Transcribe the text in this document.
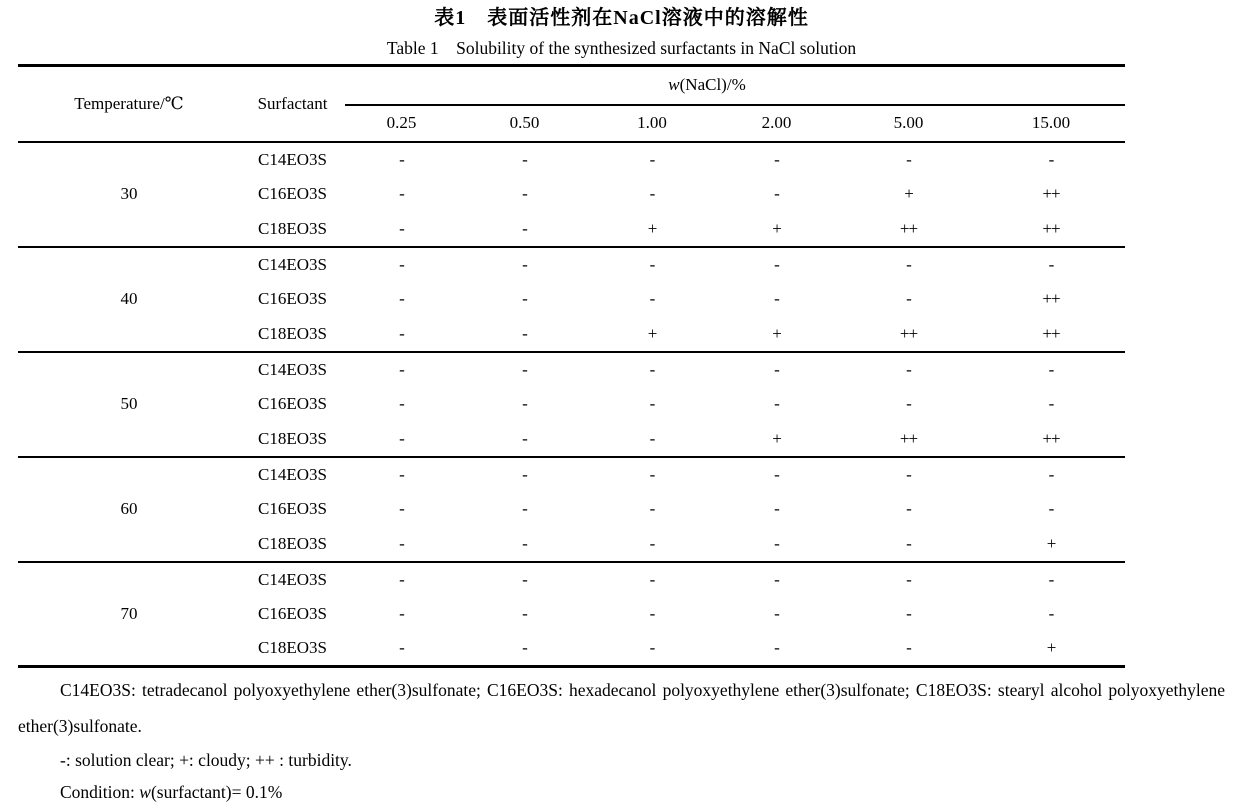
表1　表面活性剂在NaCl溶液中的溶解性
Table 1    Solubility of the synthesized surfactants in NaCl solution
Temperature/℃	Surfactant	w(NaCl)/%					
		0.25	0.50	1.00	2.00	5.00	15.00
30	C14EO3S	-	-	-	-	-	-
	C16EO3S	-	-	-	-	+	++
	C18EO3S	-	-	+	+	++	++
40	C14EO3S	-	-	-	-	-	-
	C16EO3S	-	-	-	-	-	++
	C18EO3S	-	-	+	+	++	++
50	C14EO3S	-	-	-	-	-	-
	C16EO3S	-	-	-	-	-	-
	C18EO3S	-	-	-	+	++	++
60	C14EO3S	-	-	-	-	-	-
	C16EO3S	-	-	-	-	-	-
	C18EO3S	-	-	-	-	-	+
70	C14EO3S	-	-	-	-	-	-
	C16EO3S	-	-	-	-	-	-
	C18EO3S	-	-	-	-	-	+

C14EO3S: tetradecanol polyoxyethylene ether(3)sulfonate; C16EO3S: hexadecanol polyoxyethylene ether(3)sulfonate; C18EO3S: stearyl alcohol polyoxyethylene ether(3)sulfonate.

-: solution clear; +: cloudy; ++ : turbidity.

Condition: w(surfactant)= 0.1%
